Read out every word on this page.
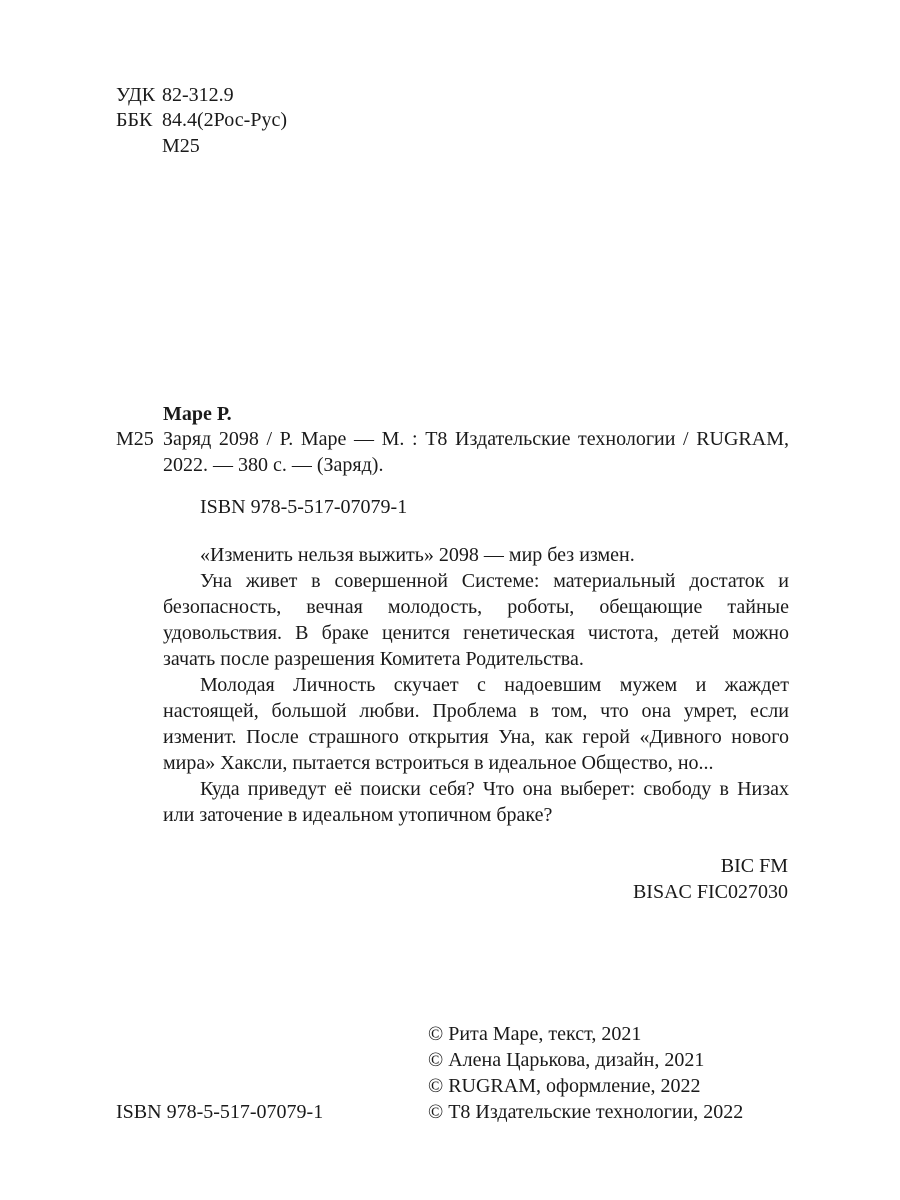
УДК 82-312.9
ББК 84.4(2Рос-Рус)
М25
Маре Р.
М25 Заряд 2098 / Р. Маре — М. : Т8 Издательские технологии / RUGRAM, 2022. — 380 с. — (Заряд).
ISBN 978-5-517-07079-1

«Изменить нельзя выжить» 2098 — мир без измен.

Уна живет в совершенной Системе: материальный достаток и безопасность, вечная молодость, роботы, обещающие тайные удовольствия. В браке ценится генетическая чистота, детей можно зачать после разрешения Комитета Родительства.

Молодая Личность скучает с надоевшим мужем и жаждет настоящей, большой любви. Проблема в том, что она умрет, если изменит. После страшного открытия Уна, как герой «Дивного нового мира» Хаксли, пытается встроиться в идеальное Общество, но...

Куда приведут её поиски себя? Что она выберет: свободу в Низах или заточение в идеальном утопичном браке?

BIC FM
BISAC FIC027030
© Рита Маре, текст, 2021
© Алена Царькова, дизайн, 2021
© RUGRAM, оформление, 2022
© Т8 Издательские технологии, 2022
ISBN 978-5-517-07079-1
